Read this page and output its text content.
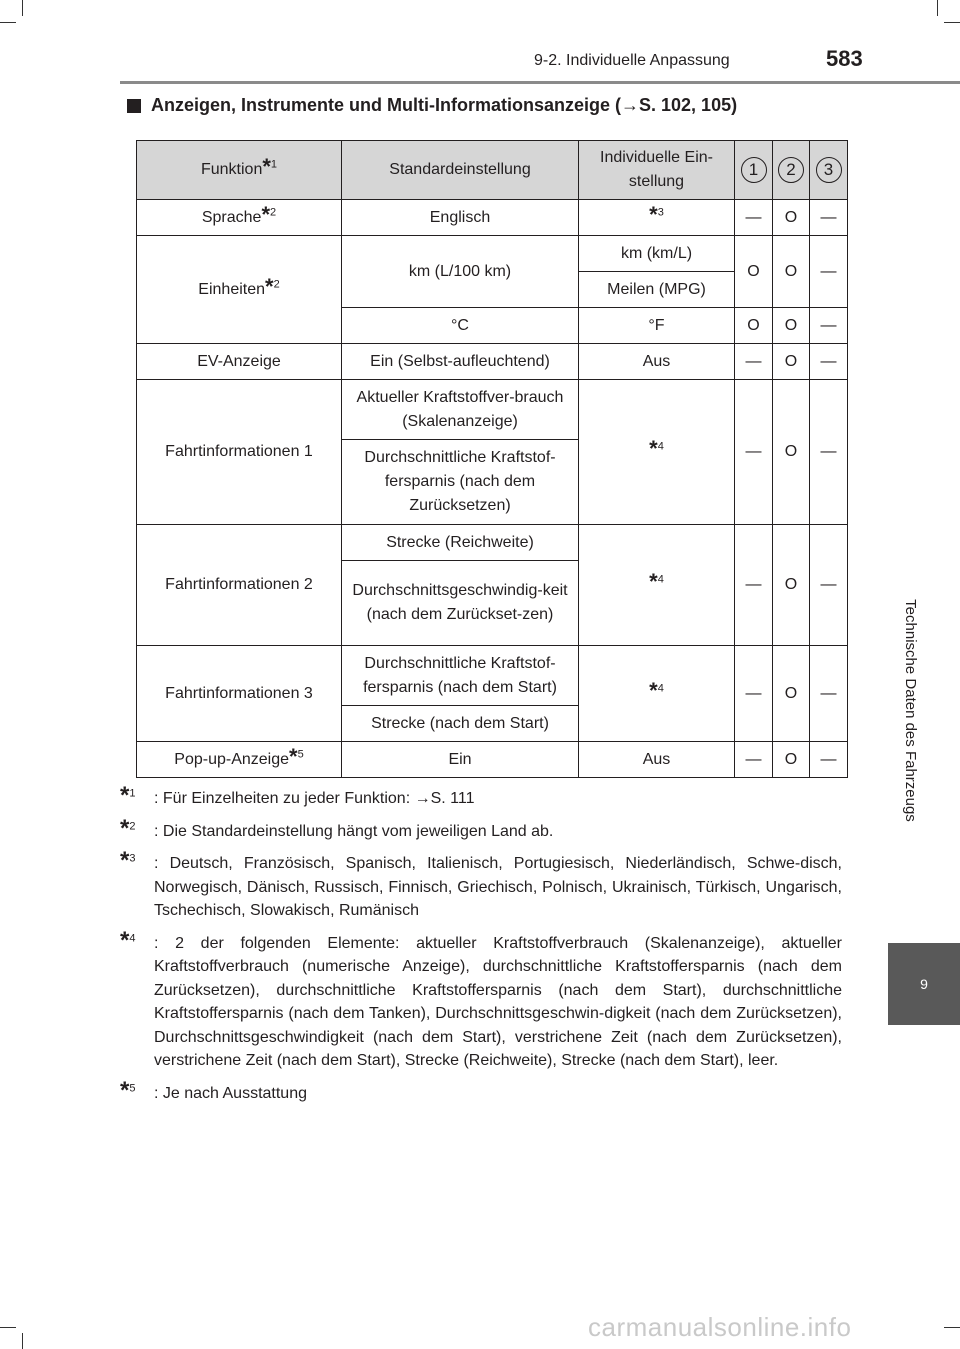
9-2. Individuelle Anpassung	583
Technische Daten des Fahrzeugs
9
Anzeigen, Instrumente und Multi-Informationsanzeige (→S. 102, 105)
Funktion*$^1$	Standardeinstellung	Individuelle Ein-stellung	1	2	3
Sprache*$^2$	Englisch	*$^3$	—	O	—
Einheiten*$^2$	km (L/100 km)	km (km/L)	O	O	—
		Meilen (MPG)			
	°C	°F	O	O	—
EV-Anzeige	Ein (Selbst-aufleuchtend)	Aus	—	O	—
Fahrtinformationen 1	Aktueller Kraftstoffver-brauch (Skalenanzeige)	*$^4$	—	O	—
	Durchschnittliche Kraftstof-fersparnis (nach dem Zurücksetzen)				
Fahrtinformationen 2	Strecke (Reichweite)	*$^4$	—	O	—
	Durchschnittsgeschwindig-keit (nach dem Zurückset-zen)				
Fahrtinformationen 3	Durchschnittliche Kraftstof-fersparnis (nach dem Start)	*$^4$	—	O	—
	Strecke (nach dem Start)				
Pop-up-Anzeige*$^5$	Ein	Aus	—	O	—
*$^1$	: Für Einzelheiten zu jeder Funktion: →S. 111
*$^2$	: Die Standardeinstellung hängt vom jeweiligen Land ab.
*$^3$	: Deutsch, Französisch, Spanisch, Italienisch, Portugiesisch, Niederländisch, Schwe-disch, Norwegisch, Dänisch, Russisch, Finnisch, Griechisch, Polnisch, Ukrainisch, Türkisch, Ungarisch, Tschechisch, Slowakisch, Rumänisch
*$^4$	: 2 der folgenden Elemente: aktueller Kraftstoffverbrauch (Skalenanzeige), aktueller Kraftstoffverbrauch (numerische Anzeige), durchschnittliche Kraftstoffersparnis (nach dem Zurücksetzen), durchschnittliche Kraftstoffersparnis (nach dem Start), durchschnittliche Kraftstoffersparnis (nach dem Tanken), Durchschnittsgeschwin-digkeit (nach dem Zurücksetzen), Durchschnittsgeschwindigkeit (nach dem Start), verstrichene Zeit (nach dem Zurücksetzen), verstrichene Zeit (nach dem Start), Strecke (Reichweite), Strecke (nach dem Start), leer.
*$^5$	: Je nach Ausstattung
carmanualsonline.info
